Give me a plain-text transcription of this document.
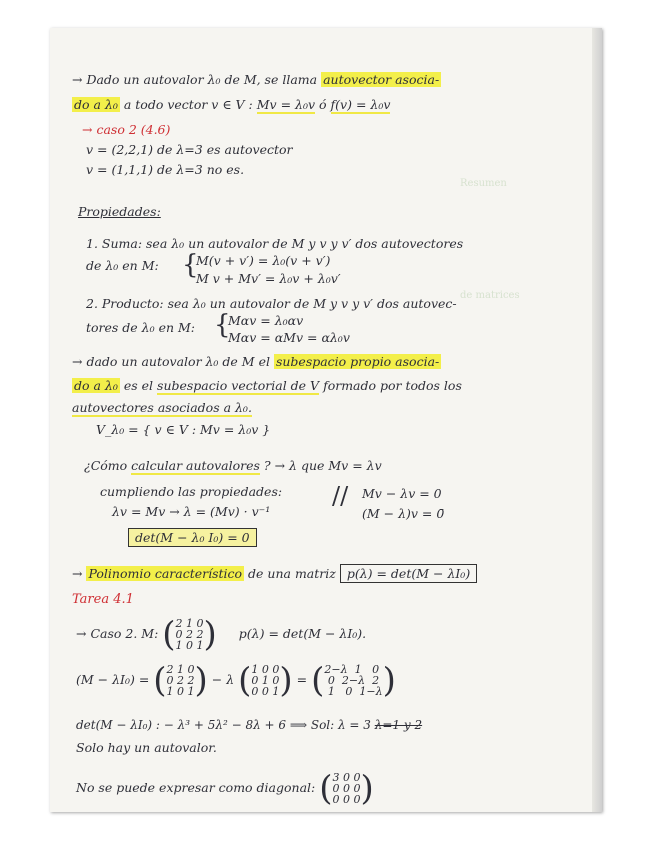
Resumen
de matrices
→ Dado un autovalor λ₀ de M, se llama autovector asocia-
do a λ₀ a todo vector v ∈ V : Mv = λ₀v ó f(v) = λ₀v
→ caso 2 (4.6)
v = (2,2,1) de λ=3 es autovector
v = (1,1,1) de λ=3 no es.
Propiedades:
1. Suma: sea λ₀ un autovalor de M y v y v′ dos autovectores
de λ₀ en M: {
M(v + v′) = λ₀(v + v′)
M v + Mv′ = λ₀v + λ₀v′
2. Producto: sea λ₀ un autovalor de M y v y v′ dos autovec-
tores de λ₀ en M: {
Mαv = λ₀αv
Mαv = αMv = αλ₀v
→ dado un autovalor λ₀ de M el subespacio propio asocia-
do a λ₀ es el subespacio vectorial de V formado por todos los
autovectores asociados a λ₀.
V_λ₀ = { v ∈ V : Mv = λ₀v }
¿Cómo calcular autovalores ? → λ que Mv = λv
cumpliendo las propiedades:
λv = Mv → λ = (Mv) · v⁻¹
// Mv − λv = 0
(M − λ)v = 0̄
det(M − λ₀ I₀) = 0
→ Polinomio característico de una matriz p(λ) = det(M − λI₀)
Tarea 4.1
→ Caso 2. M: (2 1 0
0 2 2
1 0 1) p(λ) = det(M − λI₀).
(M − λI₀) = (2 1 0
0 2 2
1 0 1) − λ (1 0 0
0 1 0
0 0 1) = (2−λ  1   0
0  2−λ  2
1   0  1−λ)
det(M − λI₀) : − λ³ + 5λ² − 8λ + 6 ⟹ Sol: λ = 3 λ=1 y 2
Solo hay un autovalor.
No se puede expresar como diagonal: (3 0 0
0 0 0
0 0 0)
